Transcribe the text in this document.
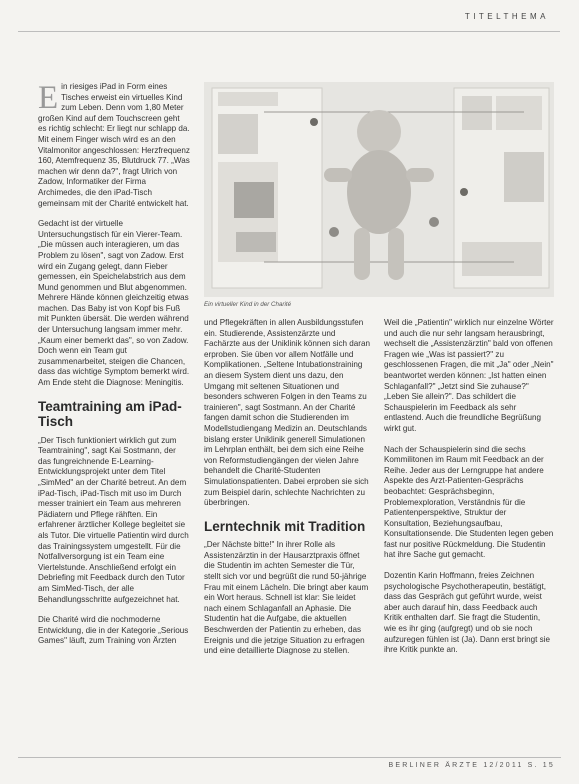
TITELTHEMA

Ein riesiges iPad in Form eines Tisches erweist ein virtuelles Kind zum Leben. Denn vom 1,80 Meter großen Kind auf dem Touchscreen geht es richtig schlecht: Er liegt nur schlapp da. Mit einem Finger wisch wird es an den Vitalmonitor angeschlossen: Herzfrequenz 160, Atemfrequenz 35, Blutdruck 77. „Was machen wir denn da?", fragt Ulrich von Zadow, Informatiker der Firma Archimedes, die den iPad-Tisch gemeinsam mit der Charité entwickelt hat.

Gedacht ist der virtuelle Untersuchungstisch für ein Vierer-Team. „Die müssen auch interagieren, um das Problem zu lösen", sagt von Zadow. Erst wird ein Zugang gelegt, dann Fieber gemessen, ein Speichelabstrich aus dem Mund genommen und Blut abgenommen. Mehrere Hände können gleichzeitig etwas machen. Das Baby ist von Kopf bis Fuß mit Punkten übersät. Die werden während der Untersuchung langsam immer mehr. „Kaum einer bemerkt das", so von Zadow. Doch wenn ein Team gut zusammenarbeitet, steigen die Chancen, dass das wichtige Symptom bemerkt wird. Am Ende steht die Diagnose: Meningitis.

Teamtraining am iPad-Tisch

„Der Tisch funktioniert wirklich gut zum Teamtraining", sagt Kai Sostmann, der das fungreichnende E-Learning-Entwicklungsprojekt unter dem Titel „SimMed" an der Charité betreut. An dem iPad-Tisch, iPad-Tisch mit uso im Durch messer trainiert ein Team aus mehreren Pädiatern und Pflege rähften. Ein erfahrener ärztlicher Kollege begleitet sie als Tutor. Die virtuelle Patientin wird durch das Trainingssystem umgestellt. Für die Notfallversorgung ist ein Team eine Viertelstunde. Anschließend erfolgt ein Debriefing mit Feedback durch den Tutor am SimMed-Tisch, der alle Behandlungsschritte aufgezeichnet hat.

Die Charité wird die nochmoderne Entwicklung, die in der Kategorie „Serious Games" läuft, zum Training von Ärzten

Ein virtueller Kind in der Charité

und Pflegekräften in allen Ausbildungsstufen ein. Studierende, Assistenzärzte und Fachärzte aus der Uniklinik können sich daran erproben. Sie üben vor allem Notfälle und Komplikationen. „Seltene Intubationstraining an diesem System dient uns dazu, den Umgang mit seltenen Situationen und besonders schweren Folgen in den Teams zu trainieren", sagt Sostmann. An der Charité fangen damit schon die Studierenden im Modellstudiengang Medizin an. Deutschlands bislang erster Uniklinik generell Simulationen im Lehrplan enthält, bei dem sich eine Reihe von Reformstudiengängen der vielen Jahre behandelt die Charité-Studenten Simulationspatienten. Dabei erproben sie sich zum Beispiel darin, schlechte Nachrichten zu überbringen.

Lerntechnik mit Tradition

„Der Nächste bitte!" In ihrer Rolle als Assistenzärztin in der Hausarztpraxis öffnet die Studentin im achten Semester die Tür, stellt sich vor und begrüßt die rund 50-jährige Frau mit einem Lächeln. Die bringt aber kaum ein Wort heraus. Schnell ist klar: Sie leidet nach einem Schlaganfall an Aphasie. Die Studentin hat die Aufgabe, die aktuellen Beschwerden der Patientin zu erheben, das Ereignis und die jetzige Situation zu erfragen und eine detaillierte Diagnose zu stellen.

Weil die „Patientin" wirklich nur einzelne Wörter und auch die nur sehr langsam herausbringt, wechselt die „Assistenzärztin" bald von offenen Fragen wie „Was ist passiert?" zu geschlossenen Fragen, die mit „Ja" oder „Nein" beantwortet werden können: „Ist hatten einen Schlaganfall?" „Jetzt sind Sie zuhause?" „Leben Sie allein?". Das schildert die Schauspielerin im Feedback als sehr entlastend. Auch die freundliche Begrüßung wirkt gut.

Nach der Schauspielerin sind die sechs Kommilitonen im Raum mit Feedback an der Reihe. Jeder aus der Lerngruppe hat andere Aspekte des Arzt-Patienten-Gesprächs beobachtet: Gesprächsbeginn, Problemexploration, Verständnis für die Patientenperspektive, Struktur der Konsultation, Beziehungsaufbau, Konsultationsende. Die Studenten legen geben fast nur positive Rückmeldung. Die Studentin hat ihre Sache gut gemacht.

Dozentin Karin Hoffmann, freies Zeichnen psychologische Psychotherapeutin, bestätigt, dass das Gespräch gut geführt wurde, weist aber auch darauf hin, dass Feedback auch Kritik enthalten darf. Sie fragt die Studentin, wie es ihr ging (aufgregt) und ob sie noch aufzuregen fühlen ist (Ja). Dann erst bringt sie ihre Kritik punkte an.

BERLINER ÄRZTE 12/2011 S. 15
